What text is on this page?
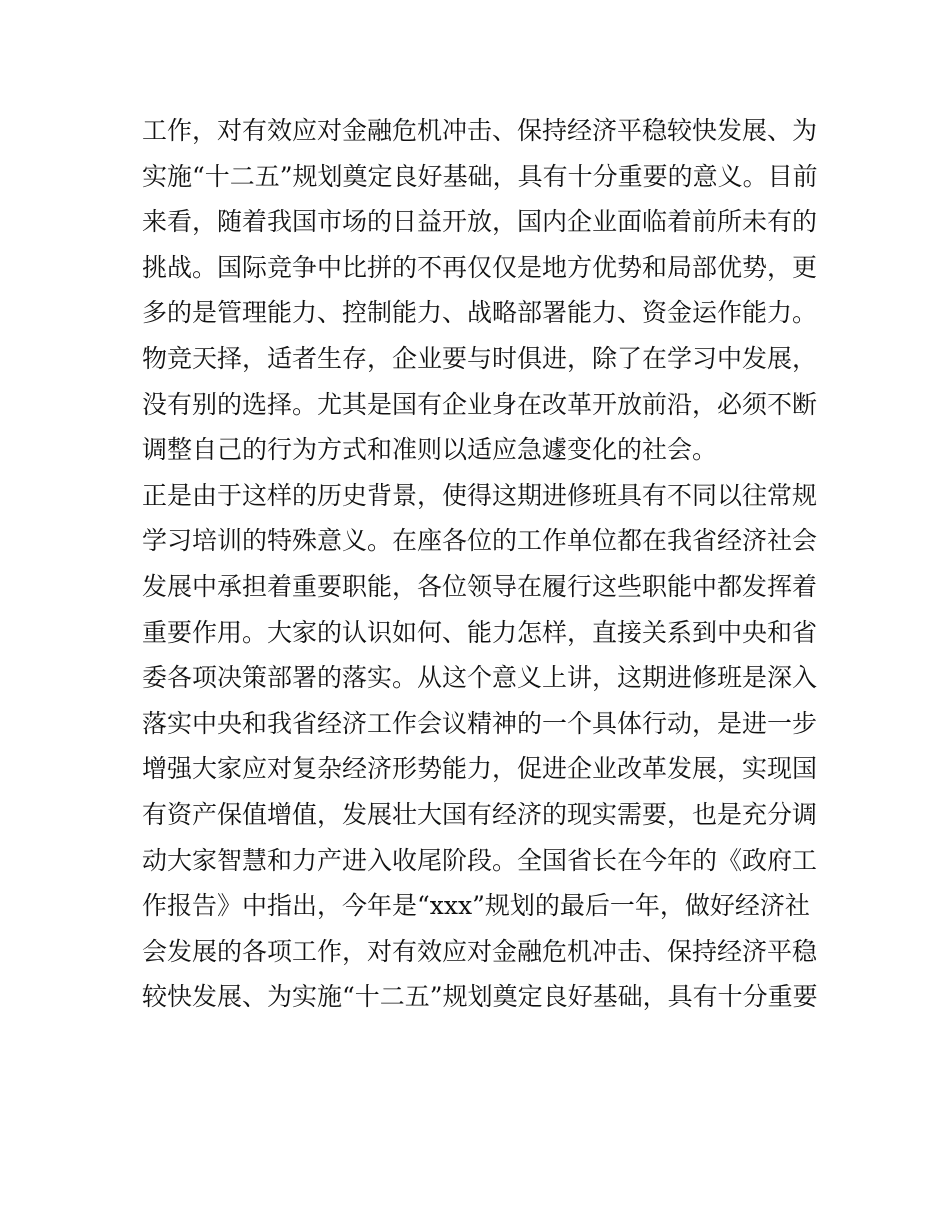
工作，对有效应对金融危机冲击、保持经济平稳较快发展、为
实施“十二五”规划奠定良好基础，具有十分重要的意义。目前
来看，随着我国市场的日益开放，国内企业面临着前所未有的
挑战。国际竞争中比拼的不再仅仅是地方优势和局部优势，更
多的是管理能力、控制能力、战略部署能力、资金运作能力。
物竞天择，适者生存，企业要与时俱进，除了在学习中发展，
没有别的选择。尤其是国有企业身在改革开放前沿，必须不断
调整自己的行为方式和准则以适应急遽变化的社会。
正是由于这样的历史背景，使得这期进修班具有不同以往常规
学习培训的特殊意义。在座各位的工作单位都在我省经济社会
发展中承担着重要职能，各位领导在履行这些职能中都发挥着
重要作用。大家的认识如何、能力怎样，直接关系到中央和省
委各项决策部署的落实。从这个意义上讲，这期进修班是深入
落实中央和我省经济工作会议精神的一个具体行动，是进一步
增强大家应对复杂经济形势能力，促进企业改革发展，实现国
有资产保值增值，发展壮大国有经济的现实需要，也是充分调
动大家智慧和力产进入收尾阶段。全国省长在今年的《政府工
作报告》中指出，今年是“xxx”规划的最后一年，做好经济社
会发展的各项工作，对有效应对金融危机冲击、保持经济平稳
较快发展、为实施“十二五”规划奠定良好基础，具有十分重要
